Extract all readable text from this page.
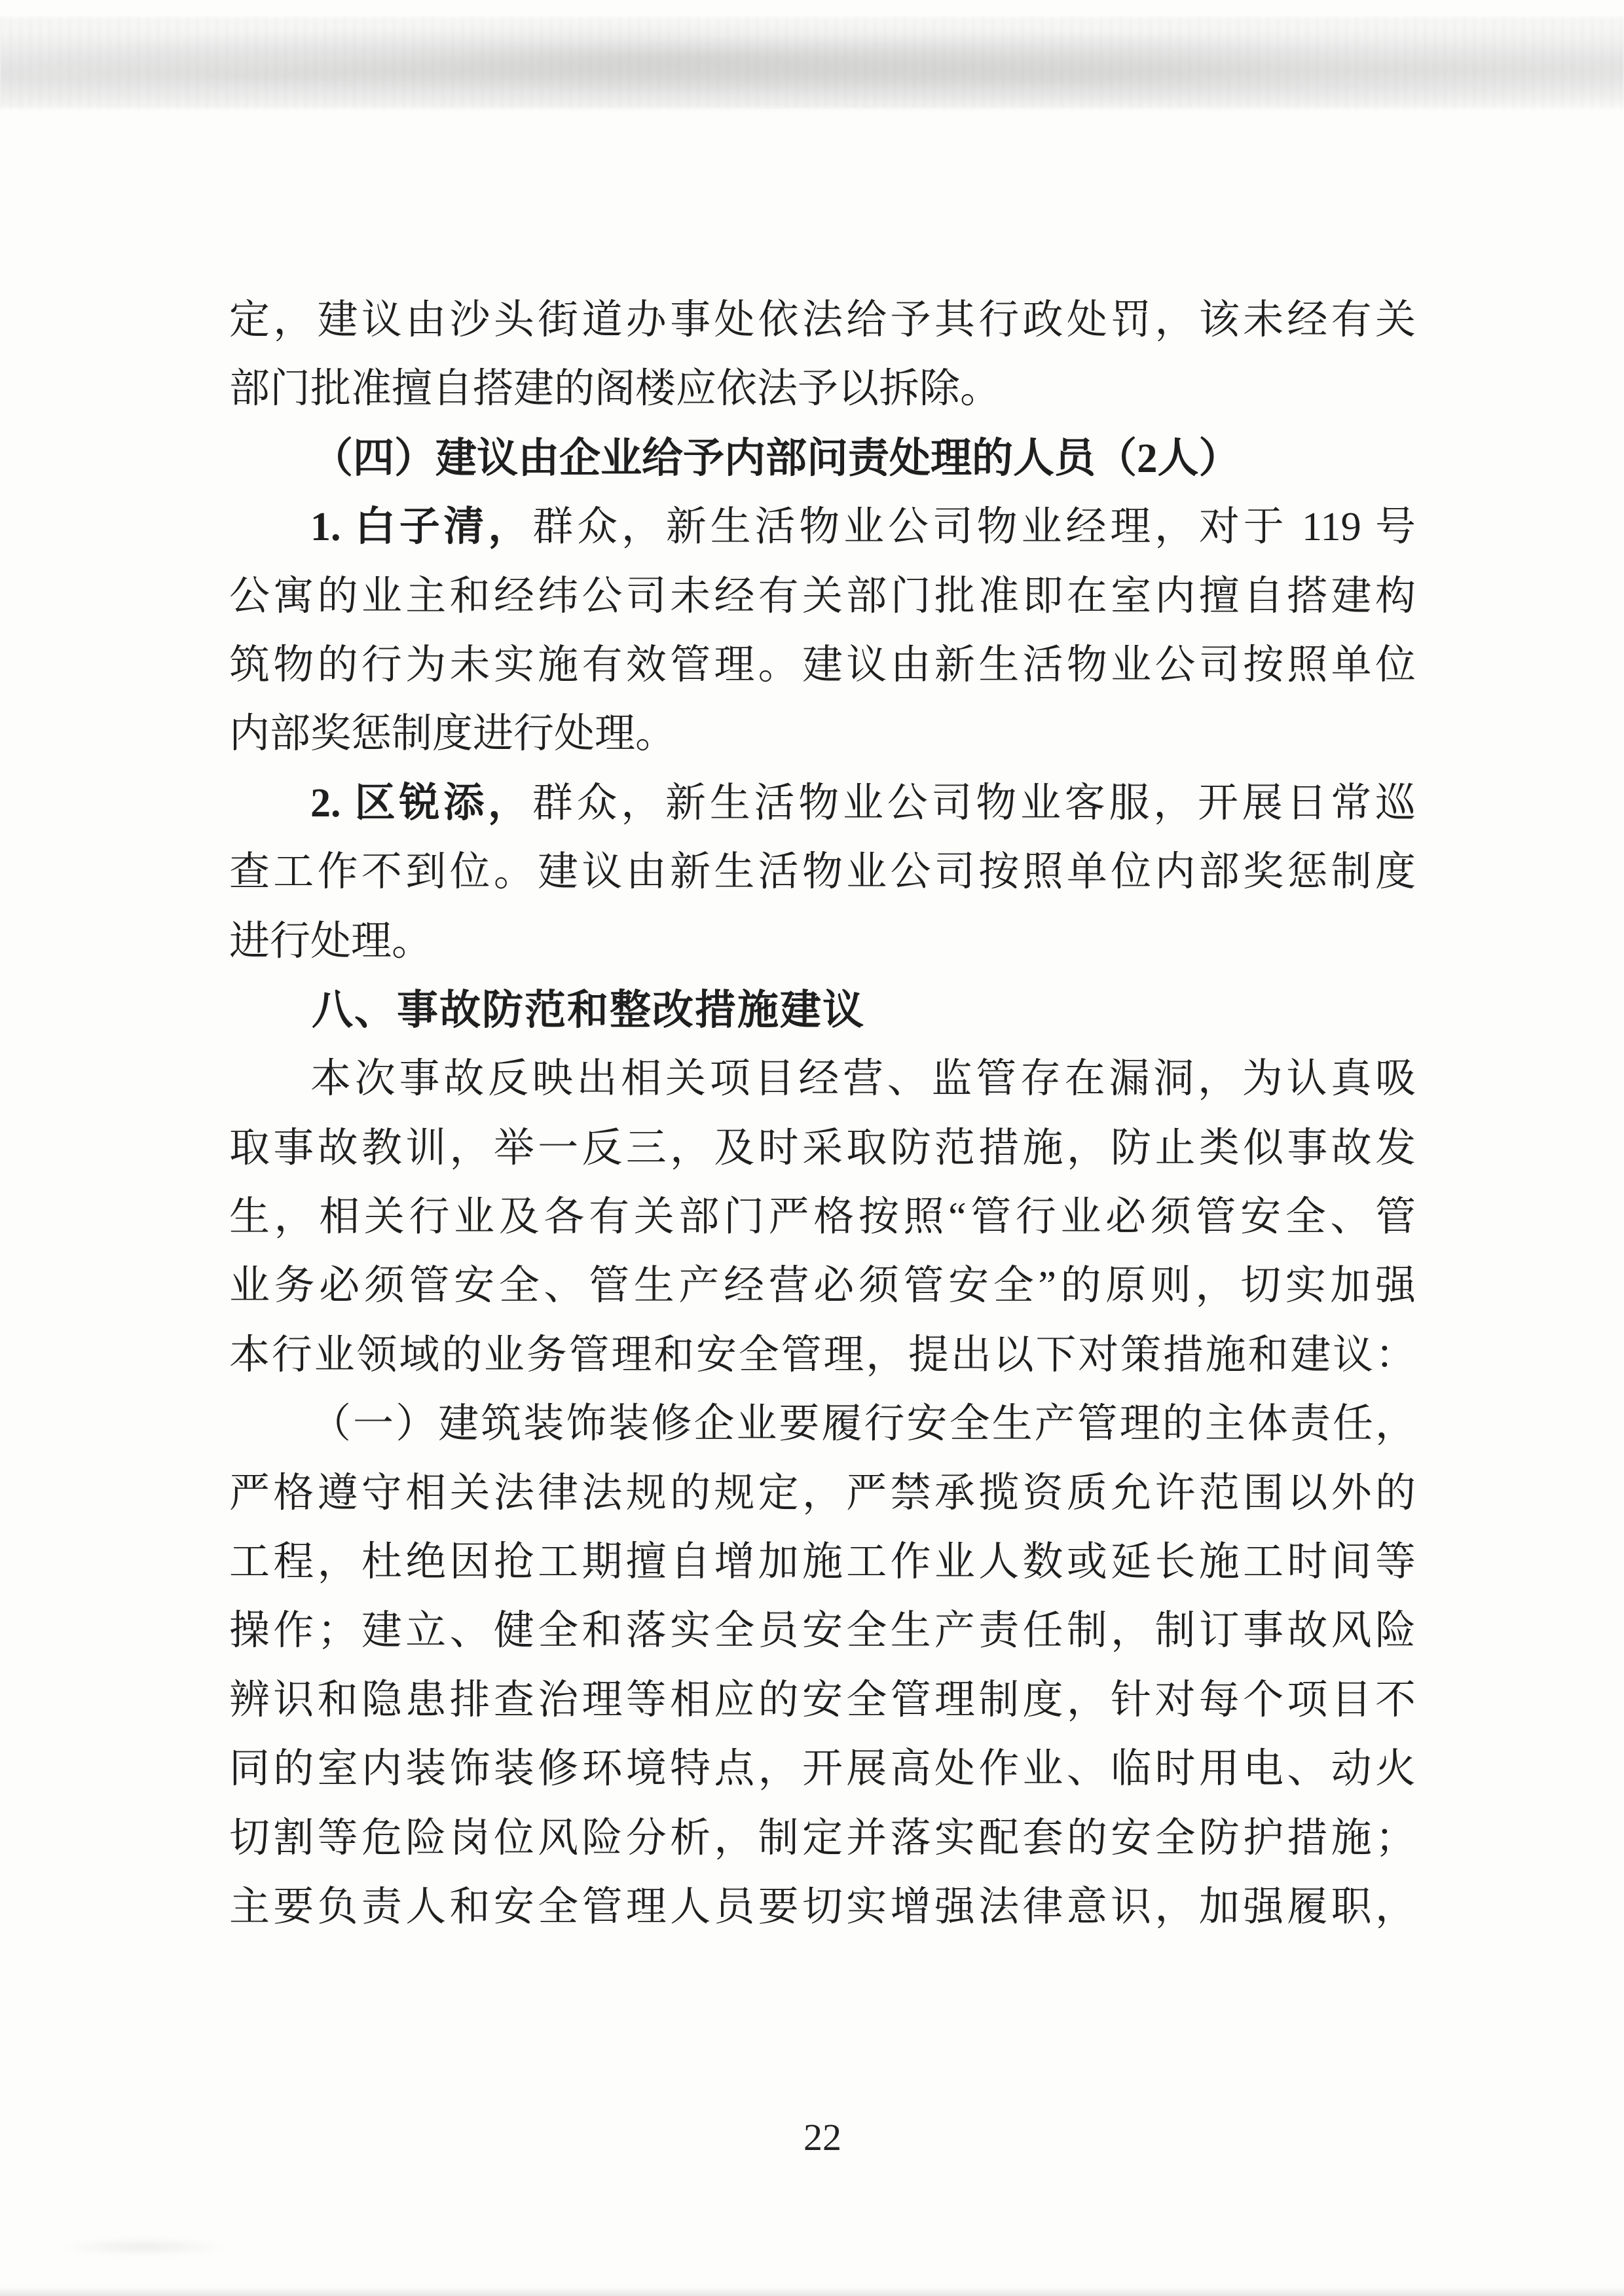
定，建议由沙头街道办事处依法给予其行政处罚，该未经有关

部门批准擅自搭建的阁楼应依法予以拆除。

（四）建议由企业给予内部问责处理的人员（2人）

1. 白子清，群众，新生活物业公司物业经理，对于 119 号

公寓的业主和经纬公司未经有关部门批准即在室内擅自搭建构

筑物的行为未实施有效管理。建议由新生活物业公司按照单位

内部奖惩制度进行处理。

2. 区锐添，群众，新生活物业公司物业客服，开展日常巡

查工作不到位。建议由新生活物业公司按照单位内部奖惩制度

进行处理。

八、事故防范和整改措施建议

本次事故反映出相关项目经营、监管存在漏洞，为认真吸

取事故教训，举一反三，及时采取防范措施，防止类似事故发

生，相关行业及各有关部门严格按照“管行业必须管安全、管

业务必须管安全、管生产经营必须管安全”的原则，切实加强

本行业领域的业务管理和安全管理，提出以下对策措施和建议：

（一）建筑装饰装修企业要履行安全生产管理的主体责任，

严格遵守相关法律法规的规定，严禁承揽资质允许范围以外的

工程，杜绝因抢工期擅自增加施工作业人数或延长施工时间等

操作；建立、健全和落实全员安全生产责任制，制订事故风险

辨识和隐患排查治理等相应的安全管理制度，针对每个项目不

同的室内装饰装修环境特点，开展高处作业、临时用电、动火

切割等危险岗位风险分析，制定并落实配套的安全防护措施；

主要负责人和安全管理人员要切实增强法律意识，加强履职，

22
